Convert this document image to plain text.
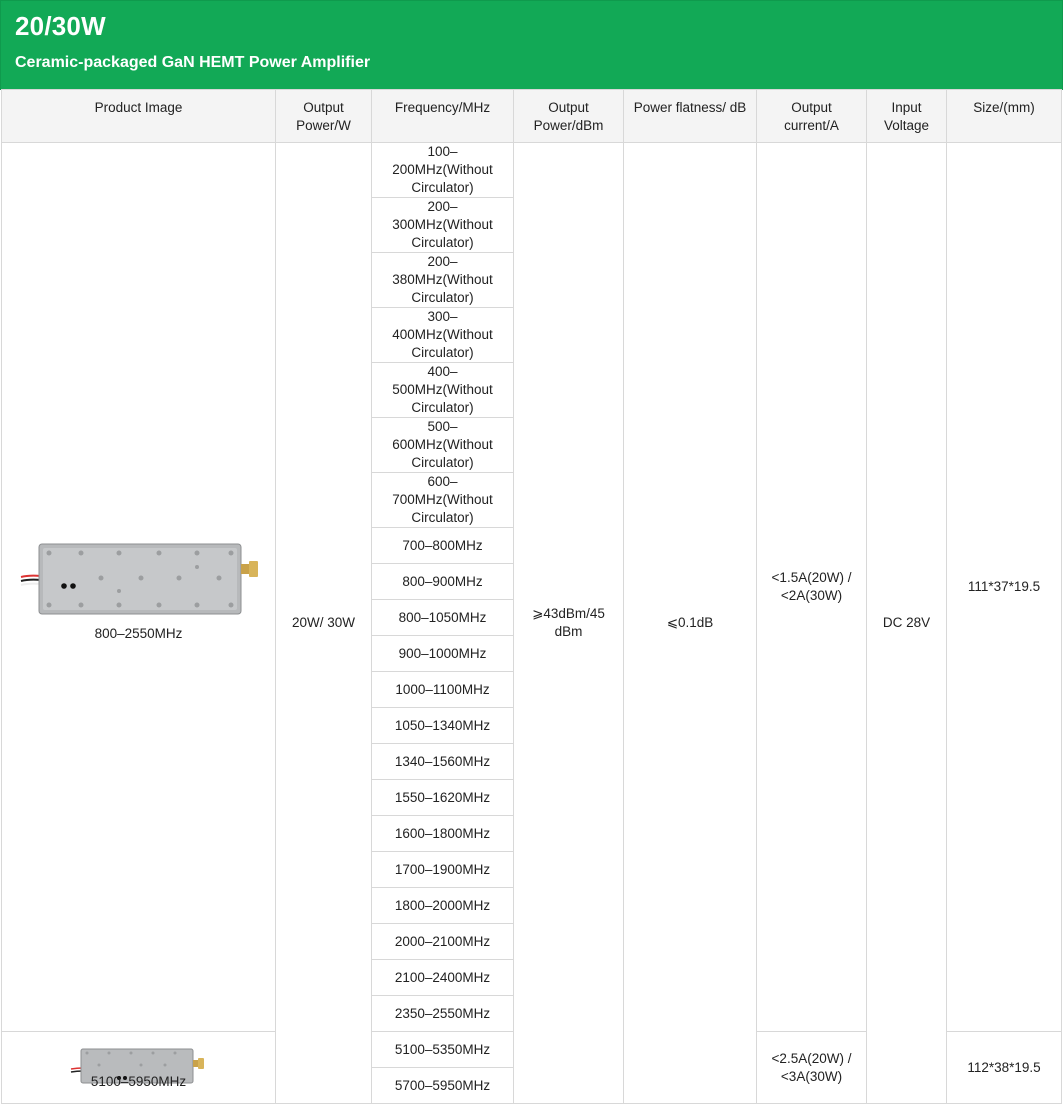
20/30W
Ceramic-packaged GaN HEMT Power Amplifier
Product Image	Output Power/W	Frequency/MHz	Output Power/dBm	Power flatness/ dB	Output current/A	Input Voltage	Size/(mm)

800–2550MHz	20W/ 30W	100–200MHz(Without Circulator)	⩾43dBm/45 dBm	⩽0.1dB	<1.5A(20W) / <2A(30W)	DC 28V	111*37*19.5
		200–300MHz(Without Circulator)					
		200–380MHz(Without Circulator)					
		300–400MHz(Without Circulator)					
		400–500MHz(Without Circulator)					
		500–600MHz(Without Circulator)					
		600–700MHz(Without Circulator)					
		700–800MHz					
		800–900MHz					
		800–1050MHz					
		900–1000MHz					
		1000–1100MHz					
		1050–1340MHz					
		1340–1560MHz					
		1550–1620MHz					
		1600–1800MHz					
		1700–1900MHz					
		1800–2000MHz					
		2000–2100MHz					
		2100–2400MHz					
		2350–2550MHz					

5100–5950MHz		5100–5350MHz			<2.5A(20W) / <3A(30W)		112*38*19.5
		5700–5950MHz					
